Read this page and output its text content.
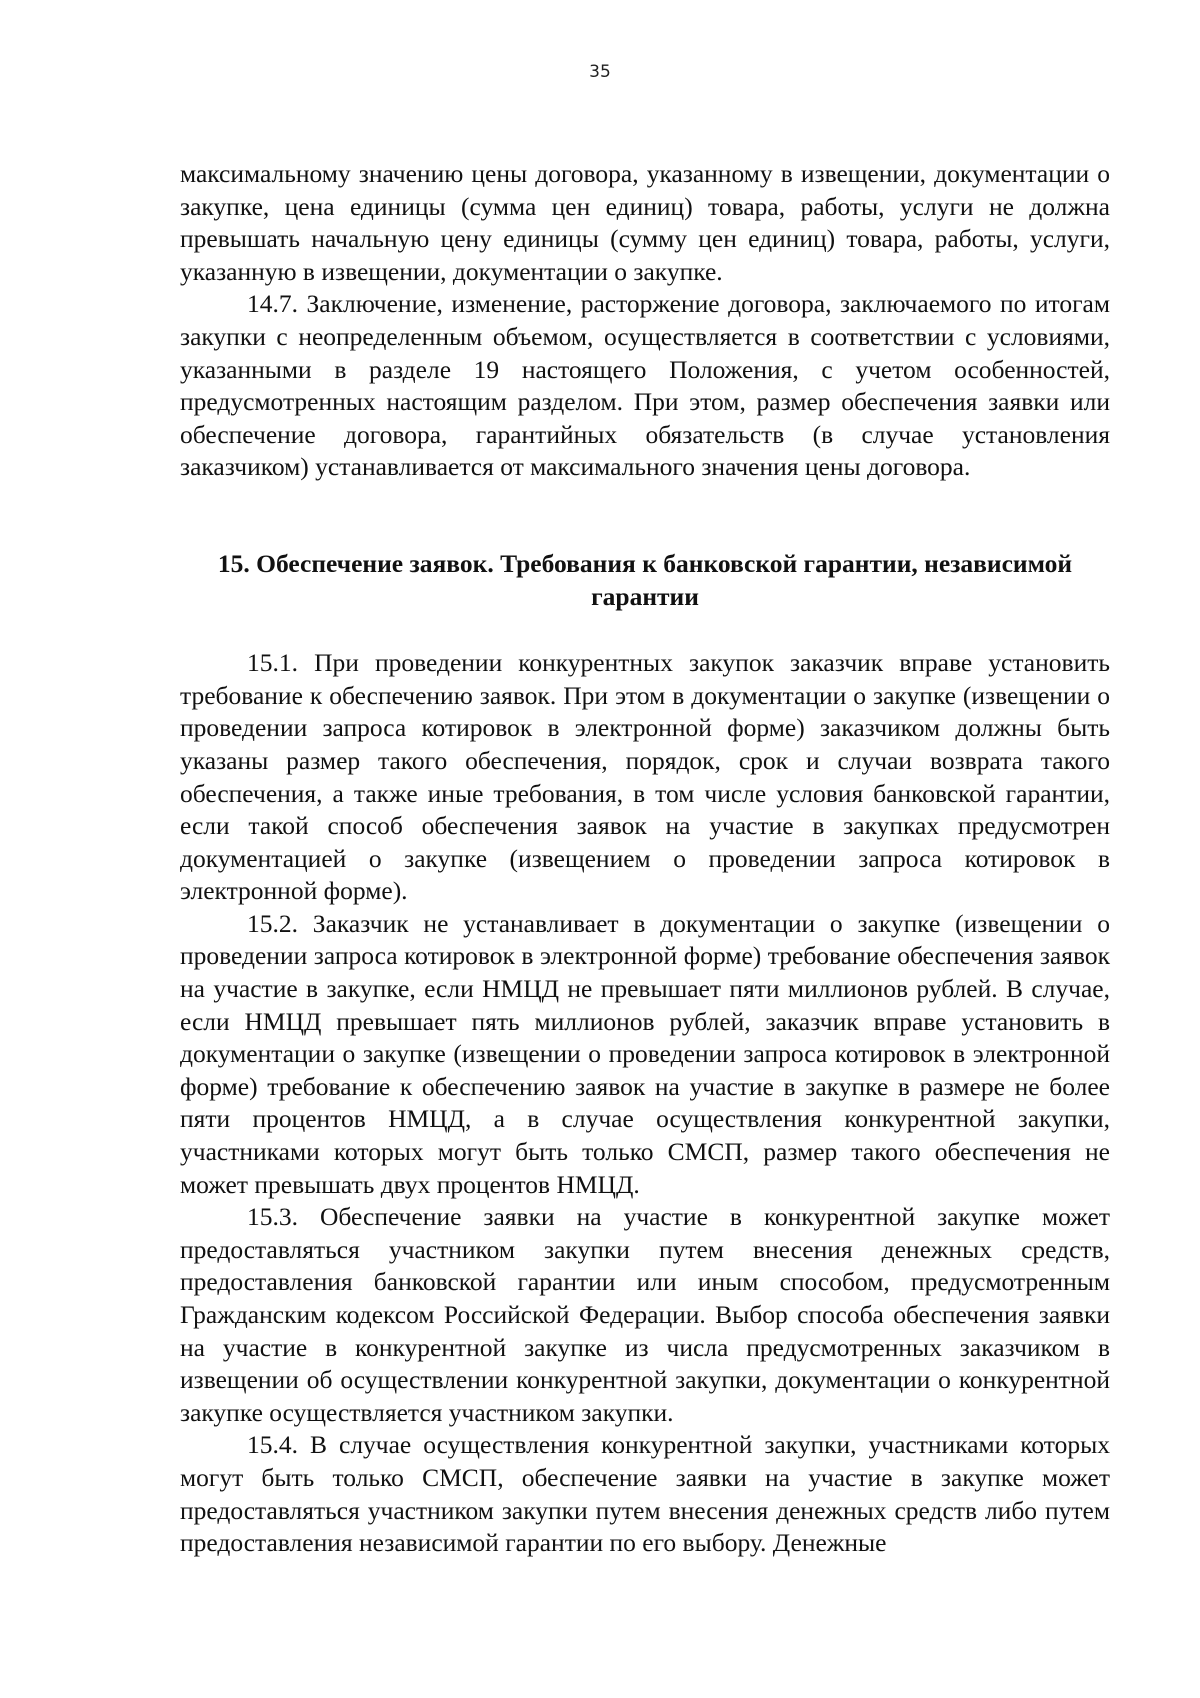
35

максимальному значению цены договора, указанному в извещении, документации о закупке, цена единицы (сумма цен единиц) товара, работы, услуги не должна превышать начальную цену единицы (сумму цен единиц) товара, работы, услуги, указанную в извещении, документации о закупке.

14.7. Заключение, изменение, расторжение договора, заключаемого по итогам закупки с неопределенным объемом, осуществляется в соответствии с условиями, указанными в разделе 19 настоящего Положения, с учетом особенностей, предусмотренных настоящим разделом. При этом, размер обеспечения заявки или обеспечение договора, гарантийных обязательств (в случае установления заказчиком) устанавливается от максимального значения цены договора.

15. Обеспечение заявок. Требования к банковской гарантии, независимой
гарантии

15.1. При проведении конкурентных закупок заказчик вправе установить требование к обеспечению заявок. При этом в документации о закупке (извещении о проведении запроса котировок в электронной форме) заказчиком должны быть указаны размер такого обеспечения, порядок, срок и случаи возврата такого обеспечения, а также иные требования, в том числе условия банковской гарантии, если такой способ обеспечения заявок на участие в закупках предусмотрен документацией о закупке (извещением о проведении запроса котировок в электронной форме).

15.2. Заказчик не устанавливает в документации о закупке (извещении о проведении запроса котировок в электронной форме) требование обеспечения заявок на участие в закупке, если НМЦД не превышает пяти миллионов рублей. В случае, если НМЦД превышает пять миллионов рублей, заказчик вправе установить в документации о закупке (извещении о проведении запроса котировок в электронной форме) требование к обеспечению заявок на участие в закупке в размере не более пяти процентов НМЦД, а в случае осуществления конкурентной закупки, участниками которых могут быть только СМСП, размер такого обеспечения не может превышать двух процентов НМЦД.

15.3. Обеспечение заявки на участие в конкурентной закупке может предоставляться участником закупки путем внесения денежных средств, предоставления банковской гарантии или иным способом, предусмотренным Гражданским кодексом Российской Федерации. Выбор способа обеспечения заявки на участие в конкурентной закупке из числа предусмотренных заказчиком в извещении об осуществлении конкурентной закупки, документации о конкурентной закупке осуществляется участником закупки.

15.4. В случае осуществления конкурентной закупки, участниками которых могут быть только СМСП, обеспечение заявки на участие в закупке может предоставляться участником закупки путем внесения денежных средств либо путем предоставления независимой гарантии по его выбору. Денежные
